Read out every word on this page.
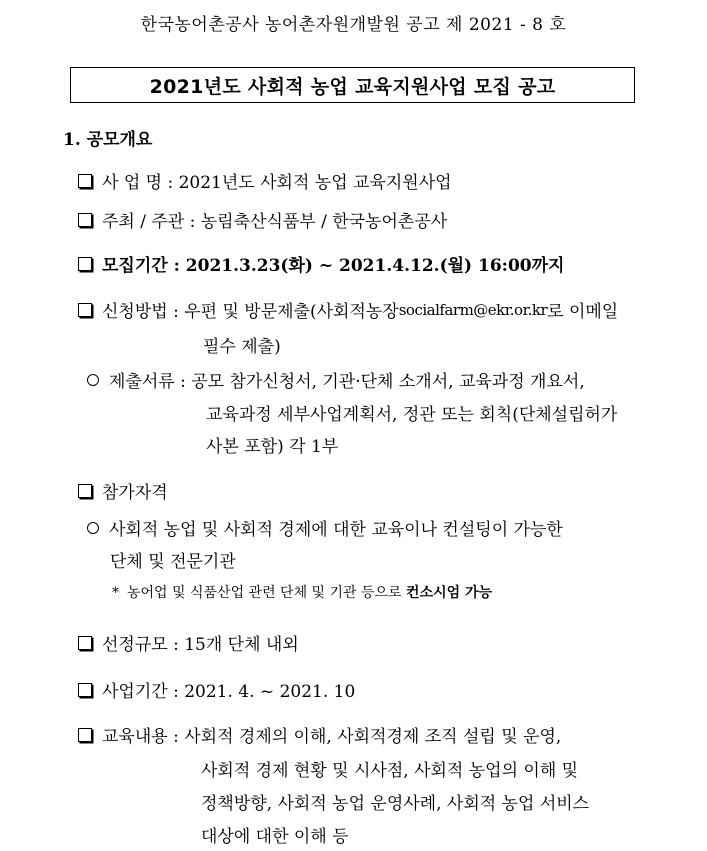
한국농어촌공사 농어촌자원개발원 공고 제 2021 - 8 호
2021년도 사회적 농업 교육지원사업 모집 공고
1. 공모개요
사 업 명 : 2021년도 사회적 농업 교육지원사업
주최 / 주관 : 농림축산식품부 / 한국농어촌공사
모집기간 : 2021.3.23(화) ~ 2021.4.12.(월) 16:00까지
신청방법 : 우편 및 방문제출(사회적농장 socialfarm@ekr.or.kr 로 이메일
필수 제출)
제출서류 : 공모 참가신청서, 기관·단체 소개서, 교육과정 개요서,
교육과정 세부사업계획서, 정관 또는 회칙(단체설립허가
사본 포함) 각 1부
참가자격
사회적 농업 및 사회적 경제에 대한 교육이나 컨설팅이 가능한
단체 및 전문기관
* 농어업 및 식품산업 관련 단체 및 기관 등으로 컨소시엄 가능
선정규모 : 15개 단체 내외
사업기간 : 2021. 4. ~ 2021. 10
교육내용 : 사회적 경제의 이해, 사회적경제 조직 설립 및 운영,
사회적 경제 현황 및 시사점, 사회적 농업의 이해 및
정책방향, 사회적 농업 운영사례, 사회적 농업 서비스
대상에 대한 이해 등
